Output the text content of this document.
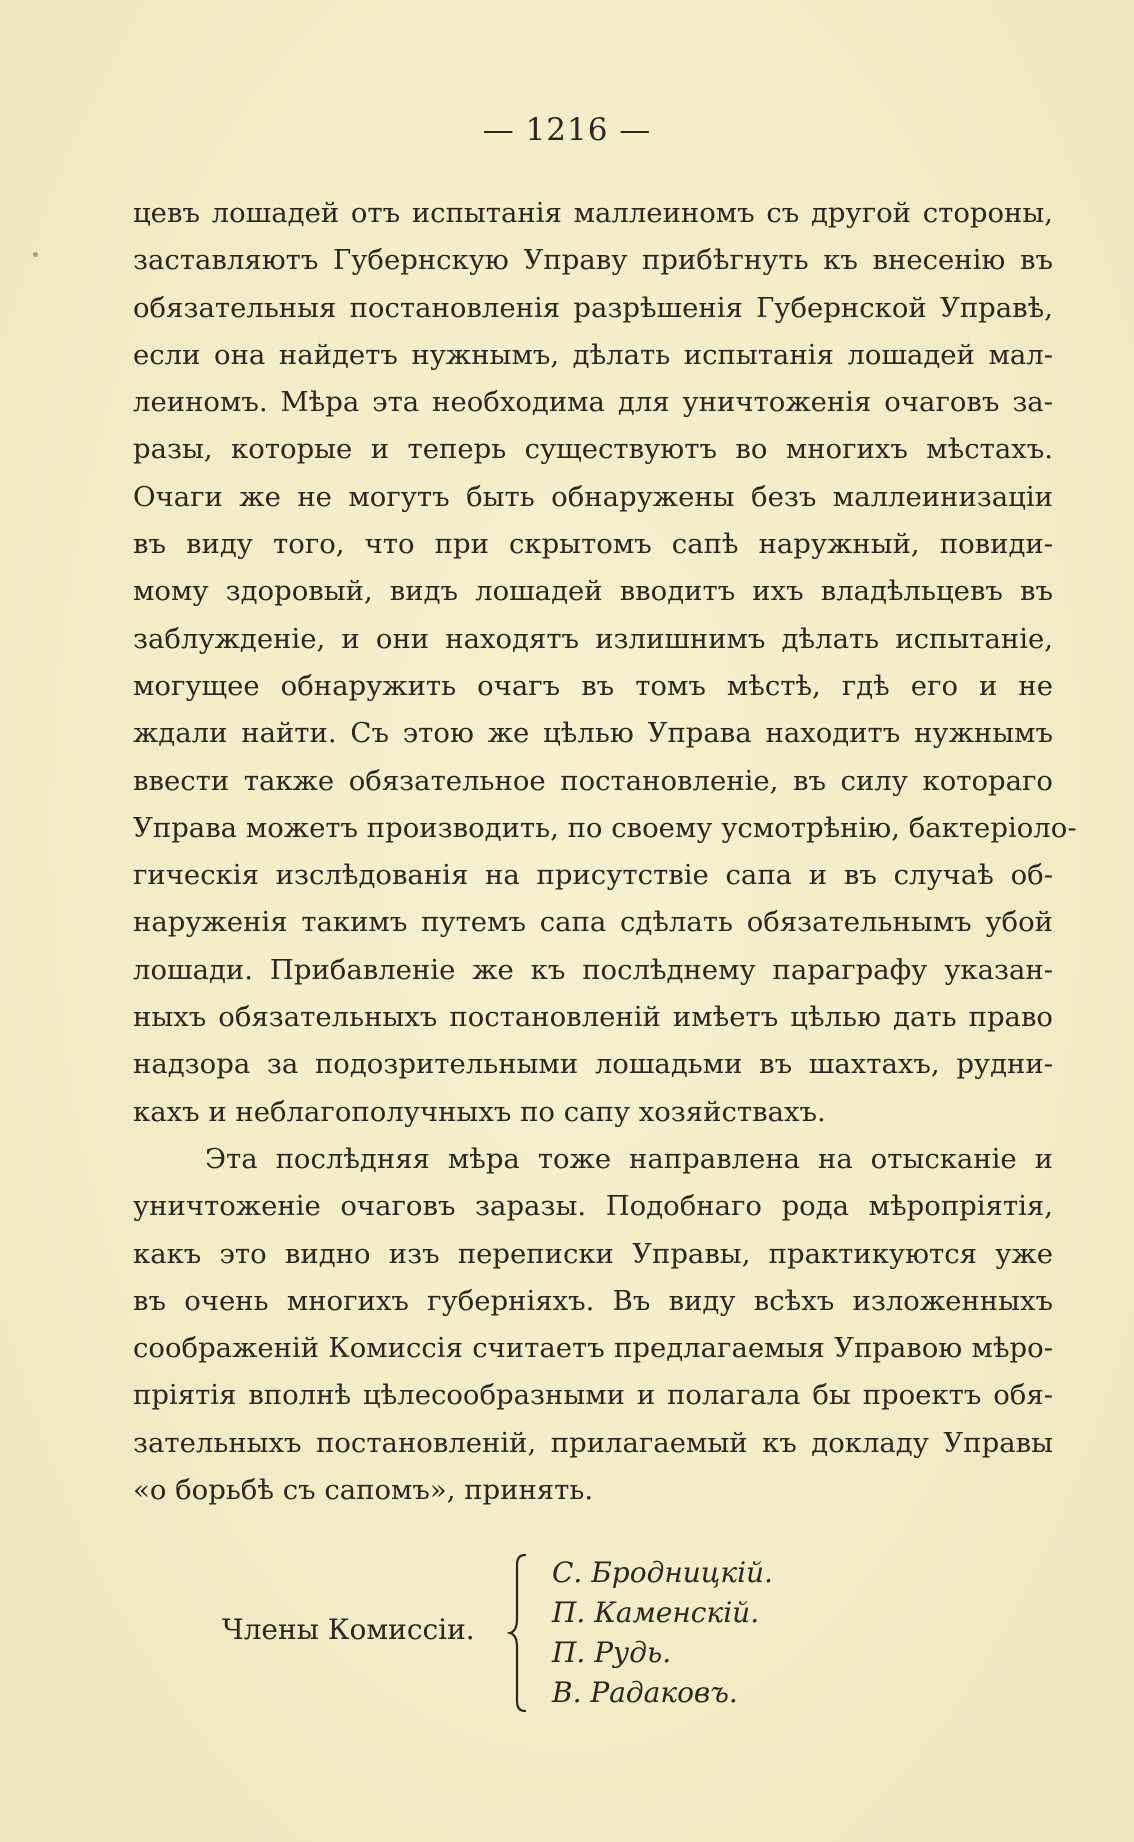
— 1216 —
цевъ лошадей отъ испытанія маллеиномъ съ другой стороны,
заставляютъ Губернскую Управу прибѣгнуть къ внесенію въ
обязательныя постановленія разрѣшенія Губернской Управѣ,
если она найдетъ нужнымъ, дѣлать испытанія лошадей мал-
леиномъ. Мѣра эта необходима для уничтоженія очаговъ за-
разы, которые и теперь существуютъ во многихъ мѣстахъ.
Очаги же не могутъ быть обнаружены безъ маллеинизаціи
въ виду того, что при скрытомъ сапѣ наружный, повиди-
мому здоровый, видъ лошадей вводитъ ихъ владѣльцевъ въ
заблужденіе, и они находятъ излишнимъ дѣлать испытаніе,
могущее обнаружить очагъ въ томъ мѣстѣ, гдѣ его и не
ждали найти. Съ этою же цѣлью Управа находитъ нужнымъ
ввести также обязательное постановленіе, въ силу котораго
Управа можетъ производить, по своему усмотрѣнію, бактеріоло-
гическія изслѣдованія на присутствіе сапа и въ случаѣ об-
наруженія такимъ путемъ сапа сдѣлать обязательнымъ убой
лошади. Прибавленіе же къ послѣднему параграфу указан-
ныхъ обязательныхъ постановленій имѣетъ цѣлью дать право
надзора за подозрительными лошадьми въ шахтахъ, рудни-
кахъ и неблагополучныхъ по сапу хозяйствахъ.
Эта послѣдняя мѣра тоже направлена на отысканіе и
уничтоженіе очаговъ заразы. Подобнаго рода мѣропріятія,
какъ это видно изъ переписки Управы, практикуются уже
въ очень многихъ губерніяхъ. Въ виду всѣхъ изложенныхъ
соображеній Комиссія считаетъ предлагаемыя Управою мѣро-
пріятія вполнѣ цѣлесообразными и полагала бы проектъ обя-
зательныхъ постановленій, прилагаемый къ докладу Управы
«о борьбѣ съ сапомъ», принять.
Члены Комиссіи.
С. Бродницкій.
П. Каменскій.
П. Рудь.
В. Радаковъ.
